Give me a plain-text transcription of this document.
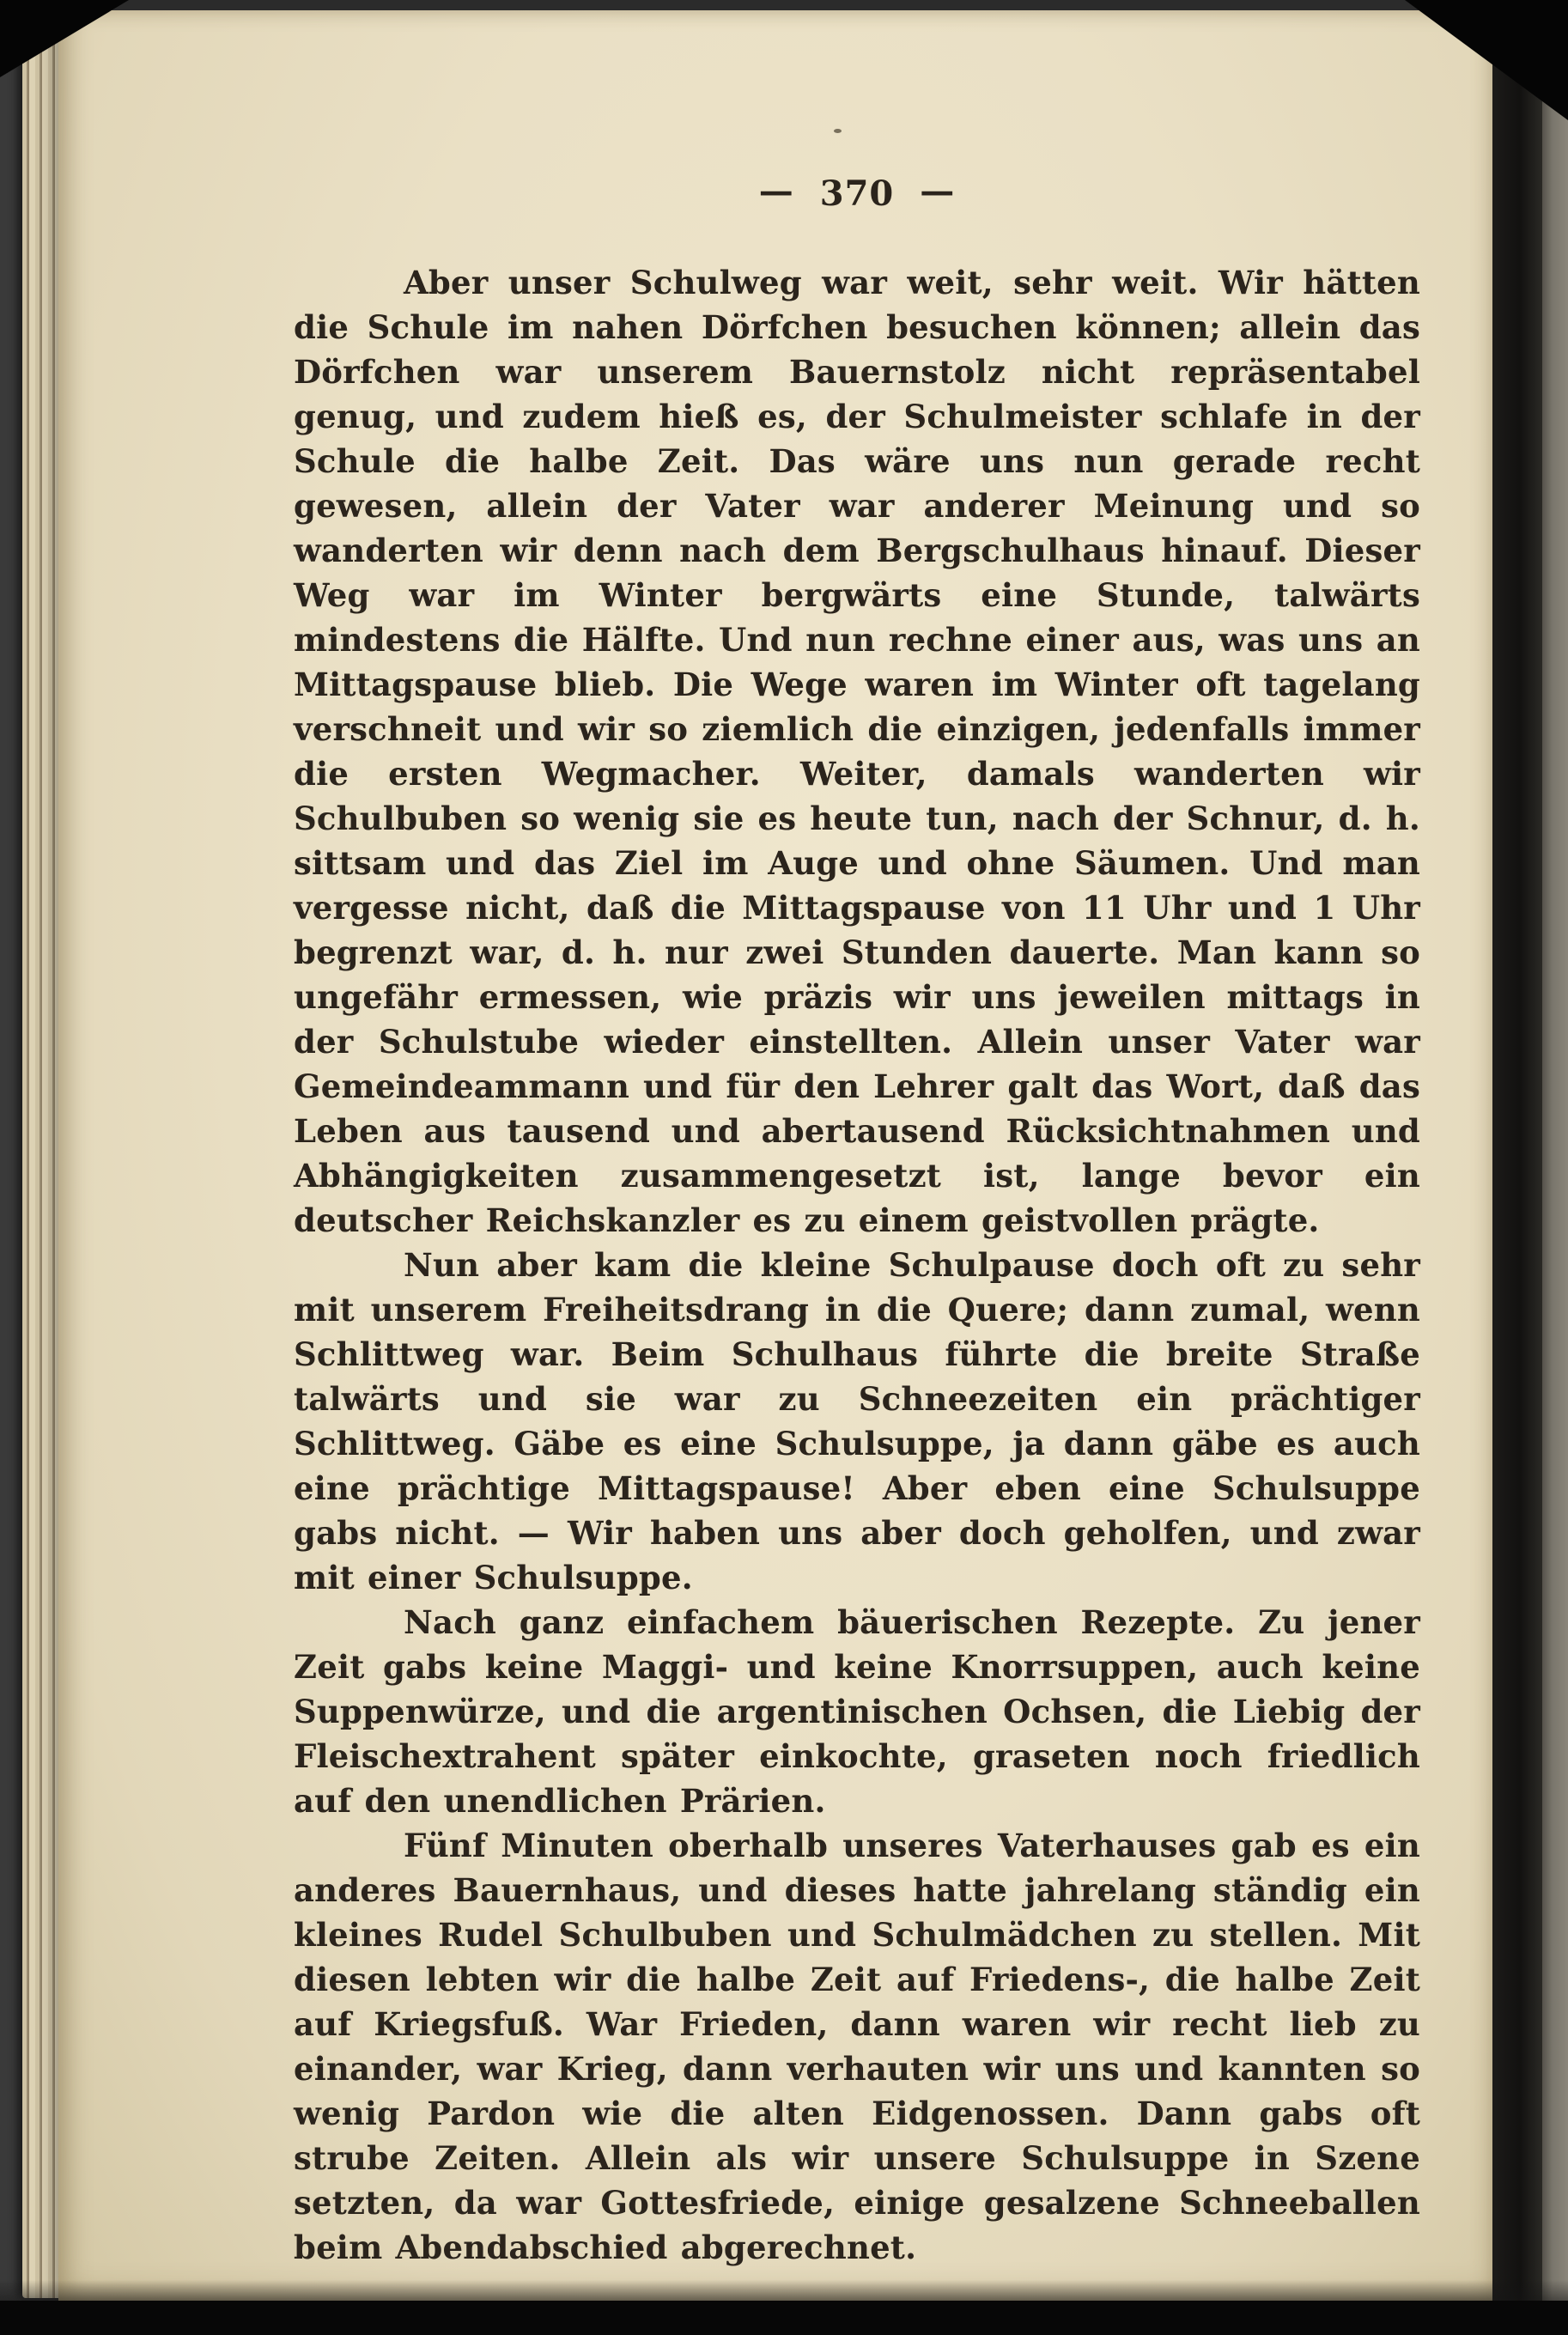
— 370 —

Aber unser Schulweg war weit, sehr weit. Wir hätten die Schule im nahen Dörfchen besuchen können; allein das Dörfchen war unserem Bauernstolz nicht repräsentabel genug, und zudem hieß es, der Schulmeister schlafe in der Schule die halbe Zeit. Das wäre uns nun gerade recht gewesen, allein der Vater war anderer Meinung und so wanderten wir denn nach dem Bergschulhaus hinauf. Dieser Weg war im Winter bergwärts eine Stunde, talwärts mindestens die Hälfte. Und nun rechne einer aus, was uns an Mittagspause blieb. Die Wege waren im Winter oft tagelang verschneit und wir so ziemlich die einzigen, jedenfalls immer die ersten Wegmacher. Weiter, damals wanderten wir Schulbuben so wenig sie es heute tun, nach der Schnur, d. h. sittsam und das Ziel im Auge und ohne Säumen. Und man vergesse nicht, daß die Mittagspause von 11 Uhr und 1 Uhr begrenzt war, d. h. nur zwei Stunden dauerte. Man kann so ungefähr ermessen, wie präzis wir uns jeweilen mittags in der Schulstube wieder einstellten. Allein unser Vater war Gemeindeammann und für den Lehrer galt das Wort, daß das Leben aus tausend und abertausend Rücksichtnahmen und Abhängigkeiten zusammengesetzt ist, lange bevor ein deutscher Reichskanzler es zu einem geistvollen prägte.

Nun aber kam die kleine Schulpause doch oft zu sehr mit unserem Freiheitsdrang in die Quere; dann zumal, wenn Schlittweg war. Beim Schulhaus führte die breite Straße talwärts und sie war zu Schneezeiten ein prächtiger Schlittweg. Gäbe es eine Schulsuppe, ja dann gäbe es auch eine prächtige Mittagspause! Aber eben eine Schulsuppe gabs nicht. — Wir haben uns aber doch geholfen, und zwar mit einer Schulsuppe.

Nach ganz einfachem bäuerischen Rezepte. Zu jener Zeit gabs keine Maggi- und keine Knorrsuppen, auch keine Suppenwürze, und die argentinischen Ochsen, die Liebig der Fleischextrahent später einkochte, graseten noch friedlich auf den unendlichen Prärien.

Fünf Minuten oberhalb unseres Vaterhauses gab es ein anderes Bauernhaus, und dieses hatte jahrelang ständig ein kleines Rudel Schulbuben und Schulmädchen zu stellen. Mit diesen lebten wir die halbe Zeit auf Friedens-, die halbe Zeit auf Kriegsfuß. War Frieden, dann waren wir recht lieb zu einander, war Krieg, dann verhauten wir uns und kannten so wenig Pardon wie die alten Eidgenossen. Dann gabs oft strube Zeiten. Allein als wir unsere Schulsuppe in Szene setzten, da war Gottesfriede, einige gesalzene Schneeballen beim Abendabschied abgerechnet.
